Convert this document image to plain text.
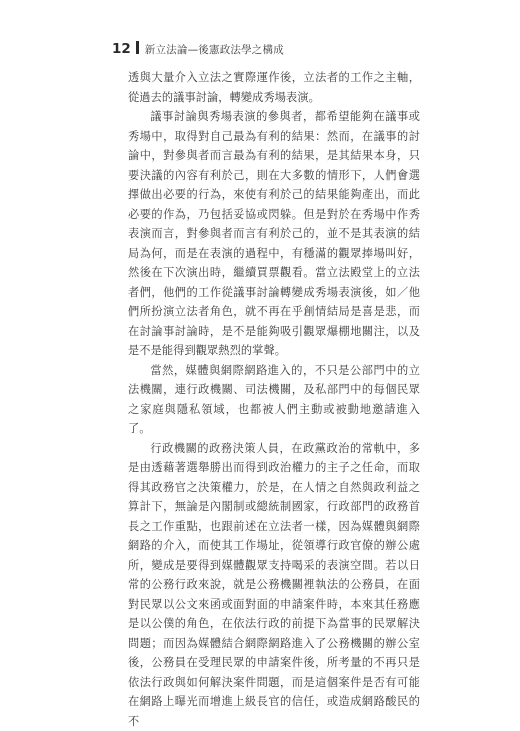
12 新立法論—後憲政法學之構成

透與大量介入立法之實際運作後，立法者的工作之主軸，從過去的議事討論，轉變成秀場表演。

議事討論與秀場表演的參與者，都希望能夠在議事或秀場中，取得對自己最為有利的結果：然而，在議事的討論中，對參與者而言最為有利的結果，是其結果本身，只要決議的內容有利於己，則在大多數的情形下，人們會選擇做出必要的行為，來使有利於己的結果能夠產出，而此必要的作為，乃包括妥協或閃躲。但是對於在秀場中作秀表演而言，對參與者而言有利於己的，並不是其表演的結局為何，而是在表演的過程中，有穩滿的觀眾捧場叫好，然後在下次演出時，繼續買票觀看。當立法殿堂上的立法者們，他們的工作從議事討論轉變成秀場表演後，如／他們所扮演立法者角色，就不再在乎創情結局是喜是悲，而在討論事討論時，是不是能夠吸引觀眾爆棚地關注，以及是不是能得到觀眾熱烈的掌聲。

當然，媒體與網際網路進入的，不只是公部門中的立法機關，連行政機關、司法機關，及私部門中的每個民眾之家庭與隱私領域，也都被人們主動或被動地邀請進入了。

行政機關的政務決策人員，在政黨政治的常軌中，多是由透藉著選舉勝出而得到政治權力的主子之任命，而取得其政務官之決策權力，於是，在人情之自然與政利益之算計下，無論是內閣制或總統制國家，行政部門的政務首長之工作重點，也跟前述在立法者一樣，因為媒體與網際網路的介入，而使其工作場址，從領導行政官僚的辦公處所，變成是要得到媒體觀眾支持喝采的表演空間。若以日常的公務行政來說，就是公務機關裡執法的公務員，在面對民眾以公文來函或面對面的申請案件時，本來其任務應是以公僕的角色，在依法行政的前提下為當事的民眾解決問題；而因為媒體結合網際網路進入了公務機關的辦公室後，公務員在受理民眾的申請案件後，所考量的不再只是依法行政與如何解決案件問題，而是這個案件是否有可能在網路上曝光而增進上級長官的信任，或造成網路酸民的不
